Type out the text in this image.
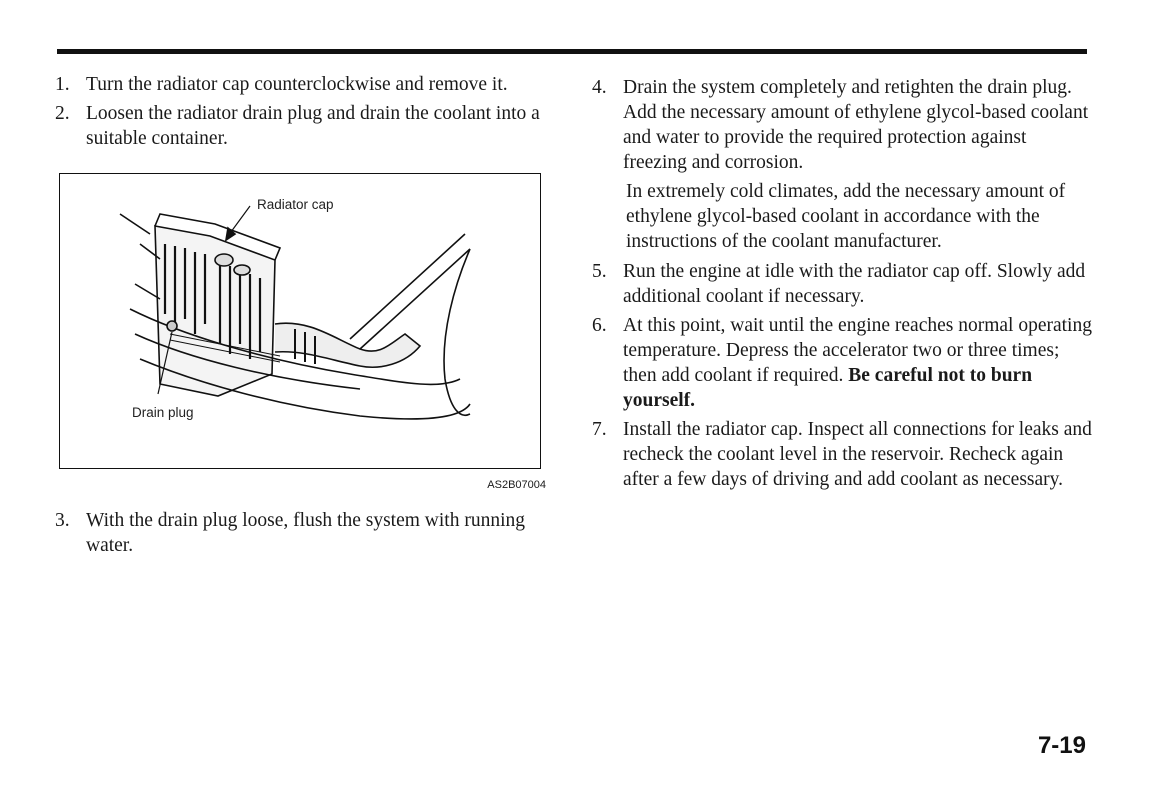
1. Turn the radiator cap counterclockwise and remove it.
2. Loosen the radiator drain plug and drain the coolant into a suitable container.
Radiator cap
Drain plug
AS2B07004
3. With the drain plug loose, flush the system with running water.
4. Drain the system completely and retighten the drain plug. Add the necessary amount of ethylene glycol-based coolant and water to provide the required protection against freezing and corrosion.
In extremely cold climates, add the necessary amount of ethylene glycol-based coolant in accordance with the instructions of the coolant manufacturer.
5. Run the engine at idle with the radiator cap off. Slowly add additional coolant if necessary.
6. At this point, wait until the engine reaches normal operating temperature. Depress the accelerator two or three times; then add coolant if required. Be careful not to burn yourself.
7. Install the radiator cap. Inspect all connections for leaks and recheck the coolant level in the reservoir. Recheck again after a few days of driving and add coolant as necessary.
7-19
